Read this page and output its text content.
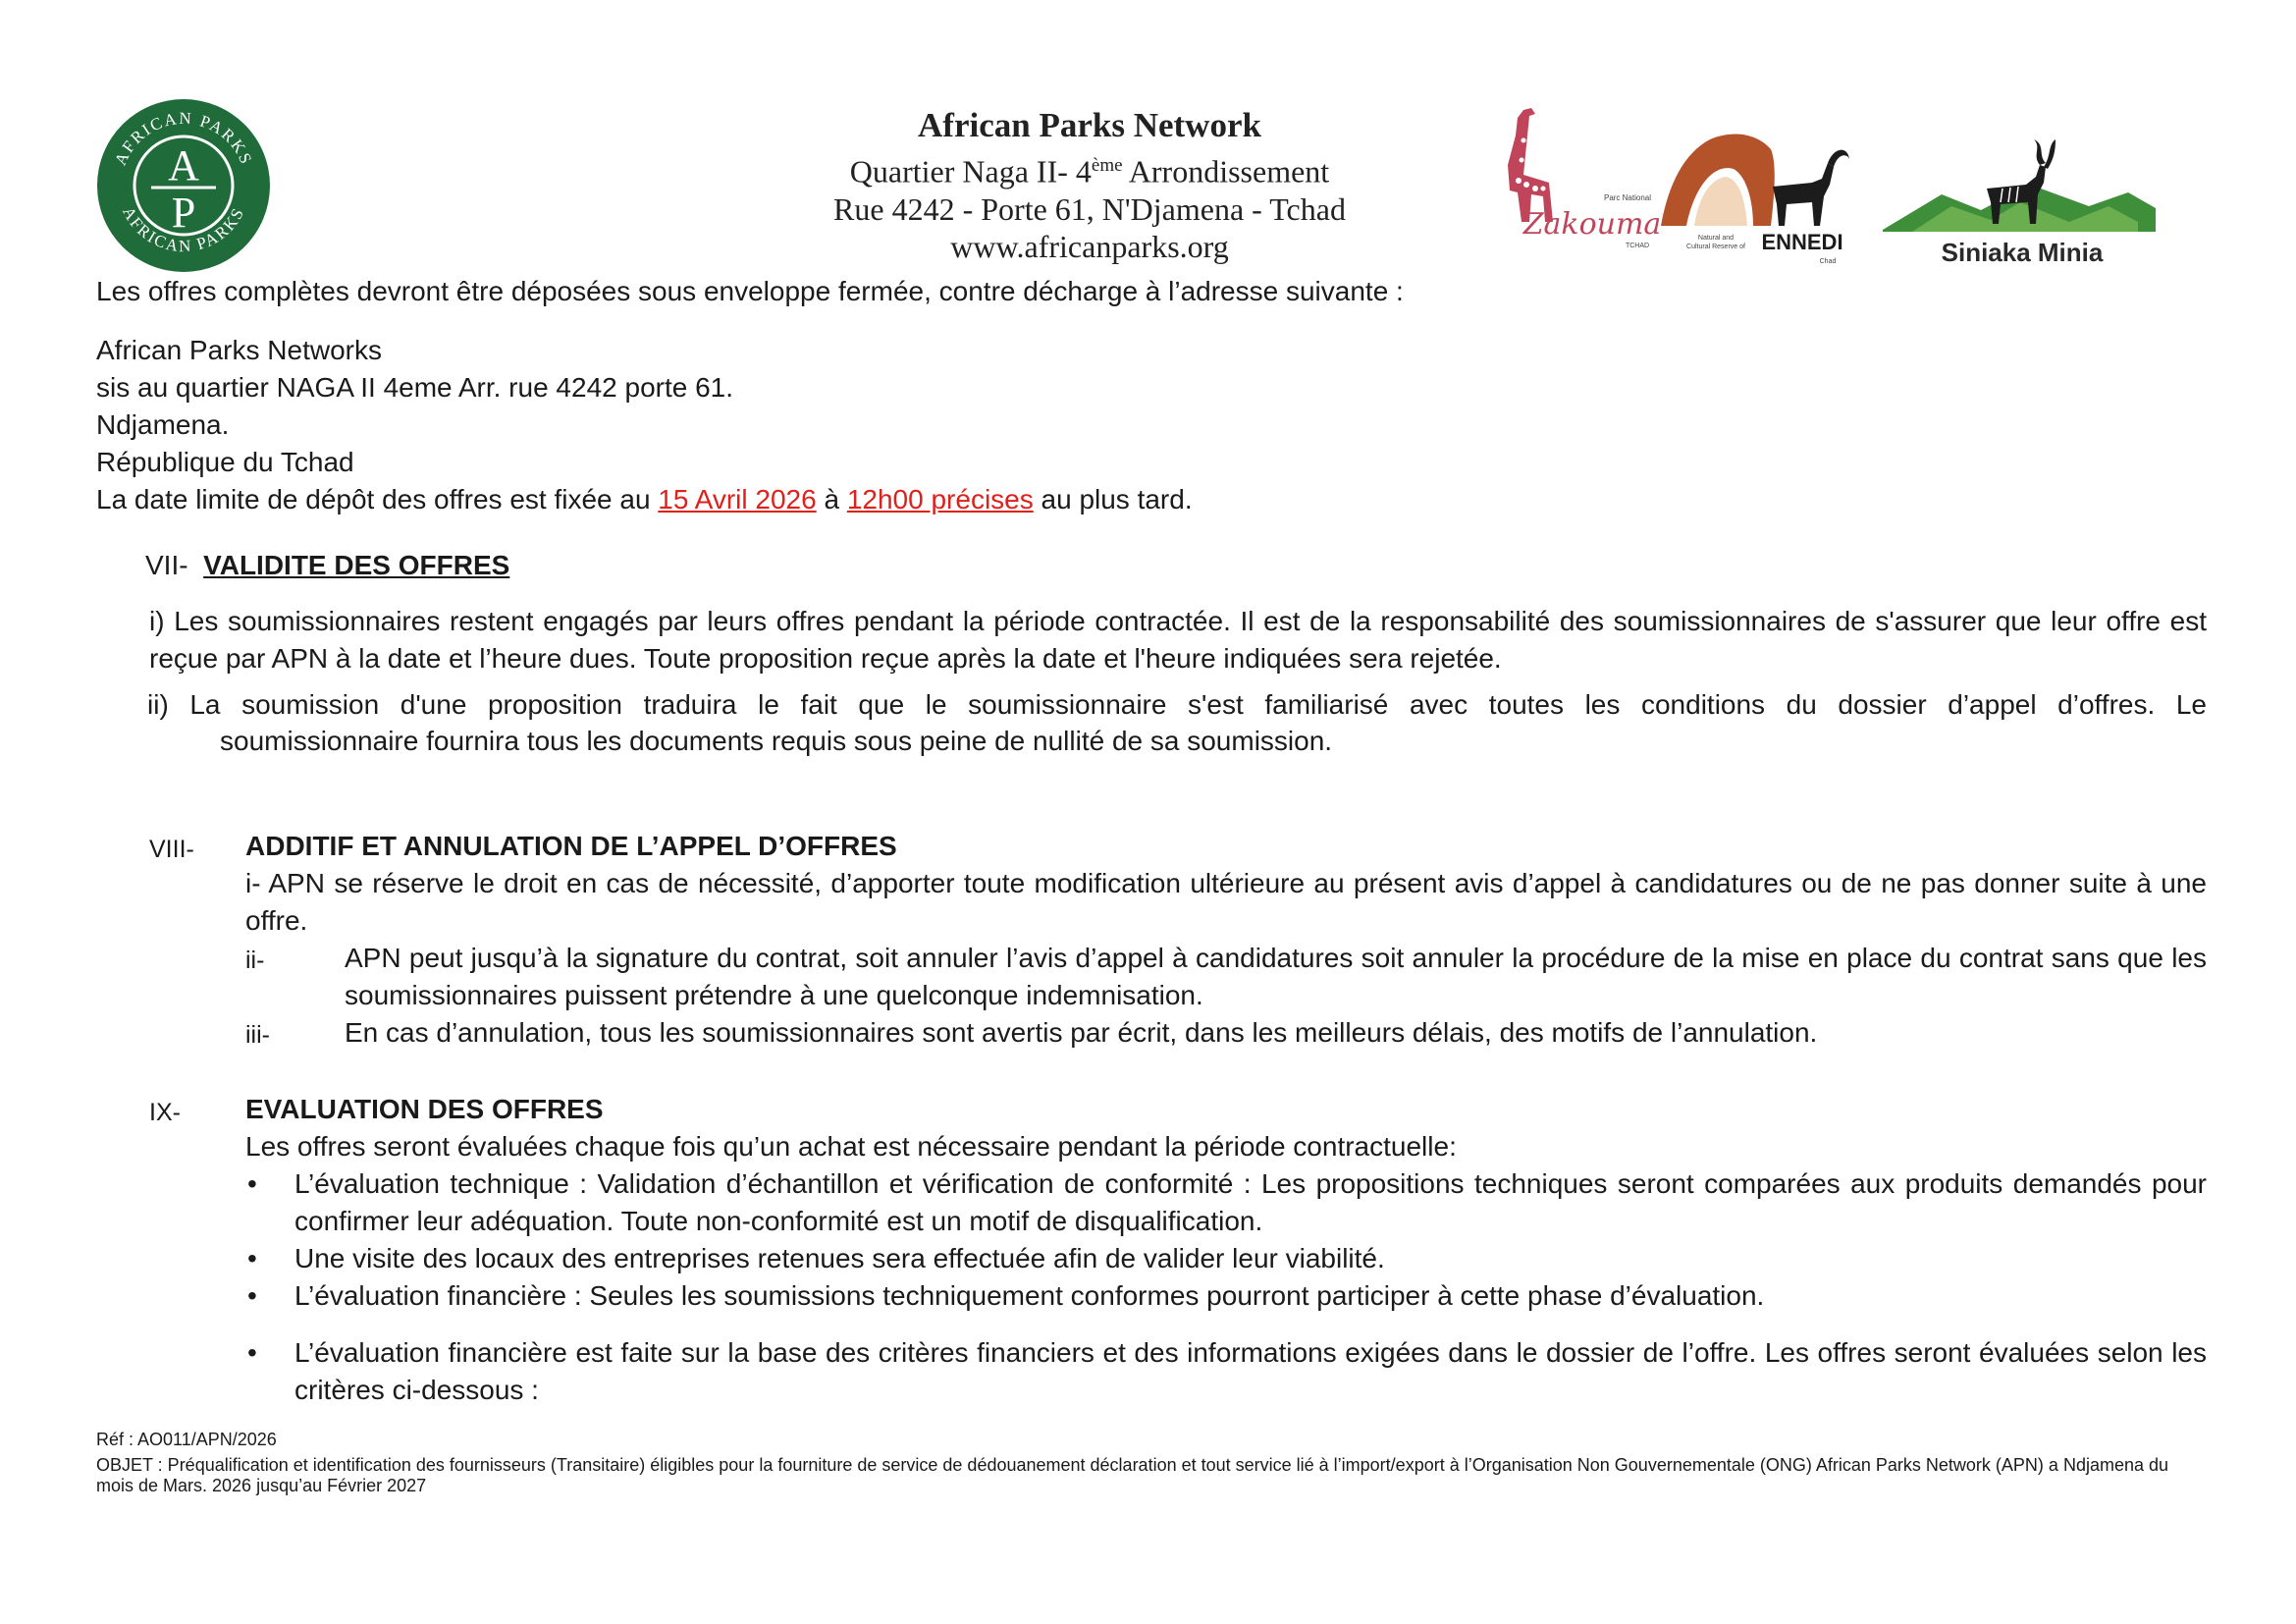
AFRICAN PARKS
AFRICAN PARKS
A
P
African Parks Network
Quartier Naga II- 4ème Arrondissement
Rue 4242 - Porte 61, N'Djamena - Tchad
www.africanparks.org
Parc National
Zakouma
TCHAD
Natural and
Cultural Reserve of ENNEDI
Chad	Siniaka Minia
Les offres complètes devront être déposées sous enveloppe fermée, contre décharge à l’adresse suivante :
African Parks Networks
sis au quartier NAGA II 4eme Arr. rue 4242 porte 61.
Ndjamena.
République du Tchad
La date limite de dépôt des offres est fixée au 15 Avril 2026 à 12h00 précises au plus tard.
VII- VALIDITE DES OFFRES
i) Les soumissionnaires restent engagés par leurs offres pendant la période contractée. Il est de la responsabilité des soumissionnaires de s'assurer que leur offre est reçue par APN à la date et l’heure dues. Toute proposition reçue après la date et l'heure indiquées sera rejetée.
ii) La soumission d'une proposition traduira le fait que le soumissionnaire s'est familiarisé avec toutes les conditions du dossier d’appel d’offres. Le
soumissionnaire fournira tous les documents requis sous peine de nullité de sa soumission.
VIII- ADDITIF ET ANNULATION DE L’APPEL D’OFFRES
i- APN se réserve le droit en cas de nécessité, d’apporter toute modification ultérieure au présent avis d’appel à candidatures ou de ne pas donner suite à une offre.
ii-	APN peut jusqu’à la signature du contrat, soit annuler l’avis d’appel à candidatures soit annuler la procédure de la mise en place du contrat sans que les soumissionnaires puissent prétendre à une quelconque indemnisation.
iii-	En cas d’annulation, tous les soumissionnaires sont avertis par écrit, dans les meilleurs délais, des motifs de l’annulation.
IX- EVALUATION DES OFFRES
Les offres seront évaluées chaque fois qu’un achat est nécessaire pendant la période contractuelle:
• L’évaluation technique : Validation d’échantillon et vérification de conformité : Les propositions techniques seront comparées aux produits demandés pour confirmer leur adéquation. Toute non-conformité est un motif de disqualification.
• Une visite des locaux des entreprises retenues sera effectuée afin de valider leur viabilité.
• L’évaluation financière : Seules les soumissions techniquement conformes pourront participer à cette phase d’évaluation.
• L’évaluation financière est faite sur la base des critères financiers et des informations exigées dans le dossier de l’offre. Les offres seront évaluées selon les critères ci-dessous :
Réf : AO011/APN/2026
OBJET : Préqualification et identification des fournisseurs (Transitaire) éligibles pour la fourniture de service de dédouanement déclaration et tout service lié à l’import/export à l’Organisation Non Gouvernementale (ONG) African Parks Network (APN) a Ndjamena du mois de Mars. 2026 jusqu’au Février 2027
